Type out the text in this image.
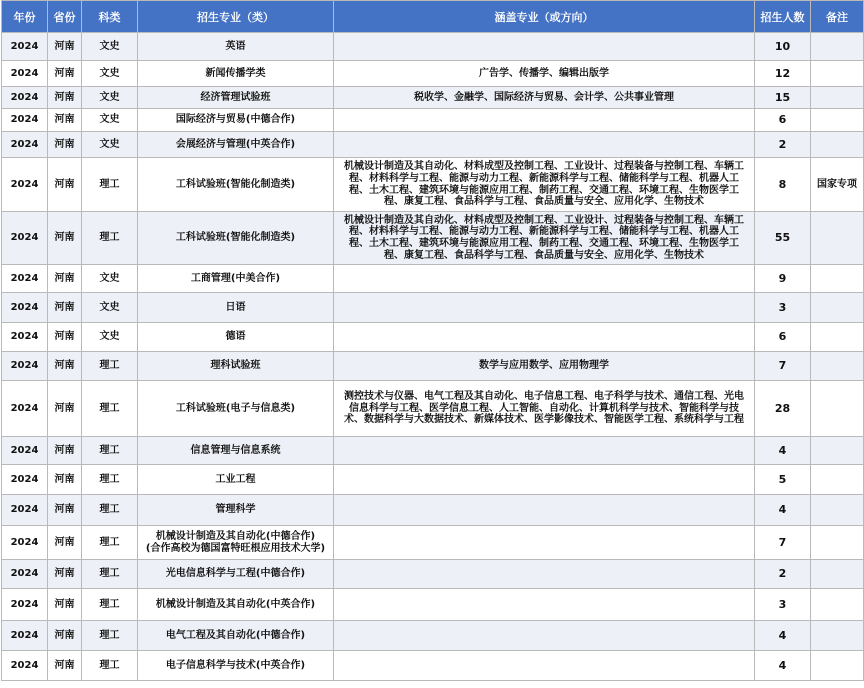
年份	省份	科类	招生专业（类）	涵盖专业（或方向）	招生人数	备注
2024	河南	文史	英语		10	
2024	河南	文史	新闻传播学类	广告学、传播学、编辑出版学	12	
2024	河南	文史	经济管理试验班	税收学、金融学、国际经济与贸易、会计学、公共事业管理	15	
2024	河南	文史	国际经济与贸易(中德合作)		6	
2024	河南	文史	会展经济与管理(中英合作)		2	
2024	河南	理工	工科试验班(智能化制造类)	机械设计制造及其自动化、材料成型及控制工程、工业设计、过程装备与控制工程、车辆工程、材料科学与工程、能源与动力工程、新能源科学与工程、储能科学与工程、机器人工程、土木工程、建筑环境与能源应用工程、制药工程、交通工程、环境工程、生物医学工程、康复工程、食品科学与工程、食品质量与安全、应用化学、生物技术	8	国家专项
2024	河南	理工	工科试验班(智能化制造类)	机械设计制造及其自动化、材料成型及控制工程、工业设计、过程装备与控制工程、车辆工程、材料科学与工程、能源与动力工程、新能源科学与工程、储能科学与工程、机器人工程、土木工程、建筑环境与能源应用工程、制药工程、交通工程、环境工程、生物医学工程、康复工程、食品科学与工程、食品质量与安全、应用化学、生物技术	55	
2024	河南	文史	工商管理(中美合作)		9	
2024	河南	文史	日语		3	
2024	河南	文史	德语		6	
2024	河南	理工	理科试验班	数学与应用数学、应用物理学	7	
2024	河南	理工	工科试验班(电子与信息类)	测控技术与仪器、电气工程及其自动化、电子信息工程、电子科学与技术、通信工程、光电信息科学与工程、医学信息工程、人工智能、自动化、计算机科学与技术、智能科学与技术、数据科学与大数据技术、新媒体技术、医学影像技术、智能医学工程、系统科学与工程	28	
2024	河南	理工	信息管理与信息系统		4	
2024	河南	理工	工业工程		5	
2024	河南	理工	管理科学		4	
2024	河南	理工	机械设计制造及其自动化(中德合作)
(合作高校为德国富特旺根应用技术大学)		7	
2024	河南	理工	光电信息科学与工程(中德合作)		2	
2024	河南	理工	机械设计制造及其自动化(中英合作)		3	
2024	河南	理工	电气工程及其自动化(中德合作)		4	
2024	河南	理工	电子信息科学与技术(中英合作)		4	
